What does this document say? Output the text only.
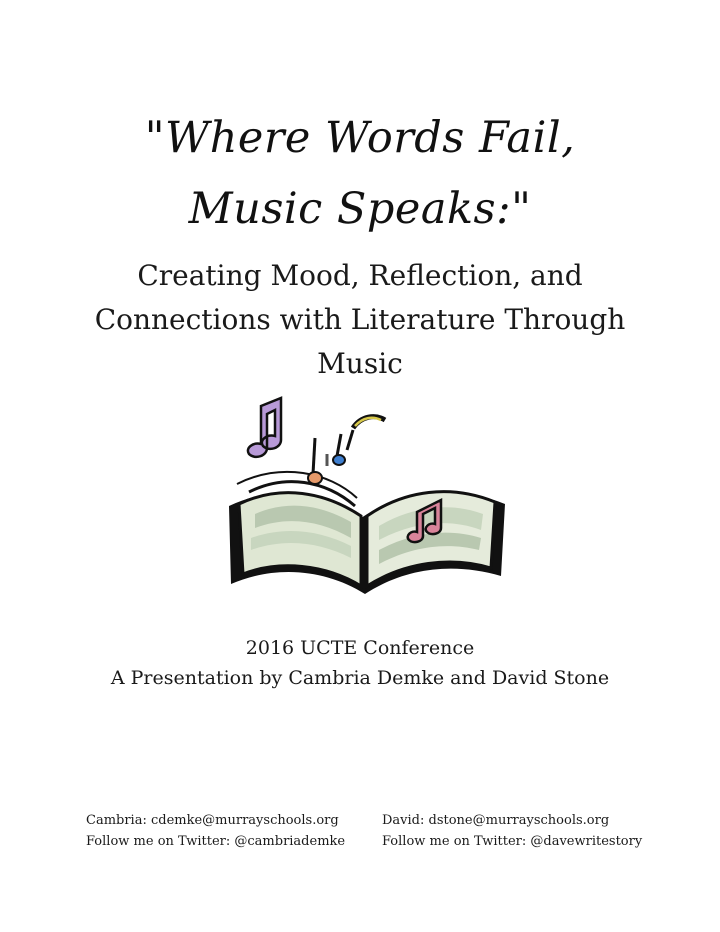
"Where Words Fail,
Music Speaks:"
Creating Mood, Reflection, and
Connections with Literature Through
Music
2016 UCTE Conference
A Presentation by Cambria Demke and David Stone
Cambria: cdemke@murrayschools.org
Follow me on Twitter: @cambriademke
David: dstone@murrayschools.org
Follow me on Twitter: @davewritestory
